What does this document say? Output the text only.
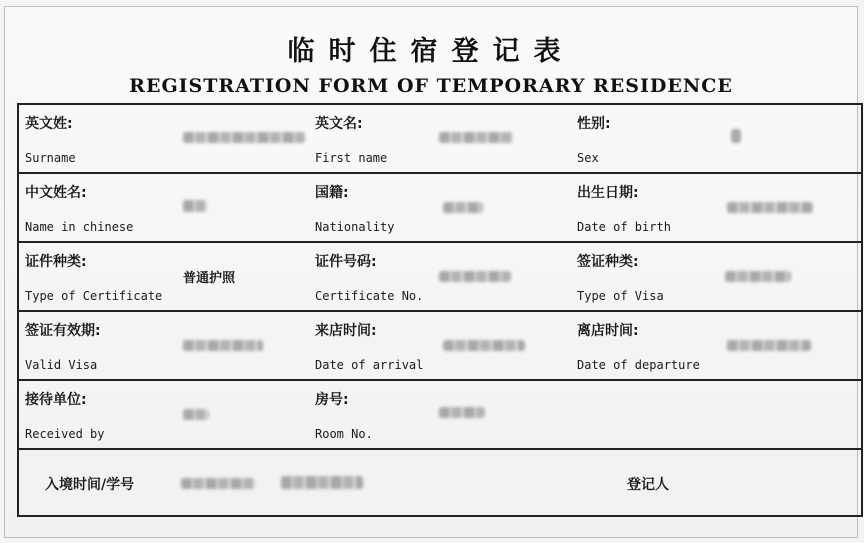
临时住宿登记表
REGISTRATION FORM OF TEMPORARY RESIDENCE
英文姓:
Surname
英文名:
First name
性别:
Sex
中文姓名:
Name in chinese
国籍:
Nationality
出生日期:
Date of birth
证件种类:
Type of Certificate
普通护照
证件号码:
Certificate No.
签证种类:
Type of Visa
签证有效期:
Valid Visa
来店时间:
Date of arrival
离店时间:
Date of departure
接待单位:
Received by
房号:
Room No.
入境时间/学号	登记人
